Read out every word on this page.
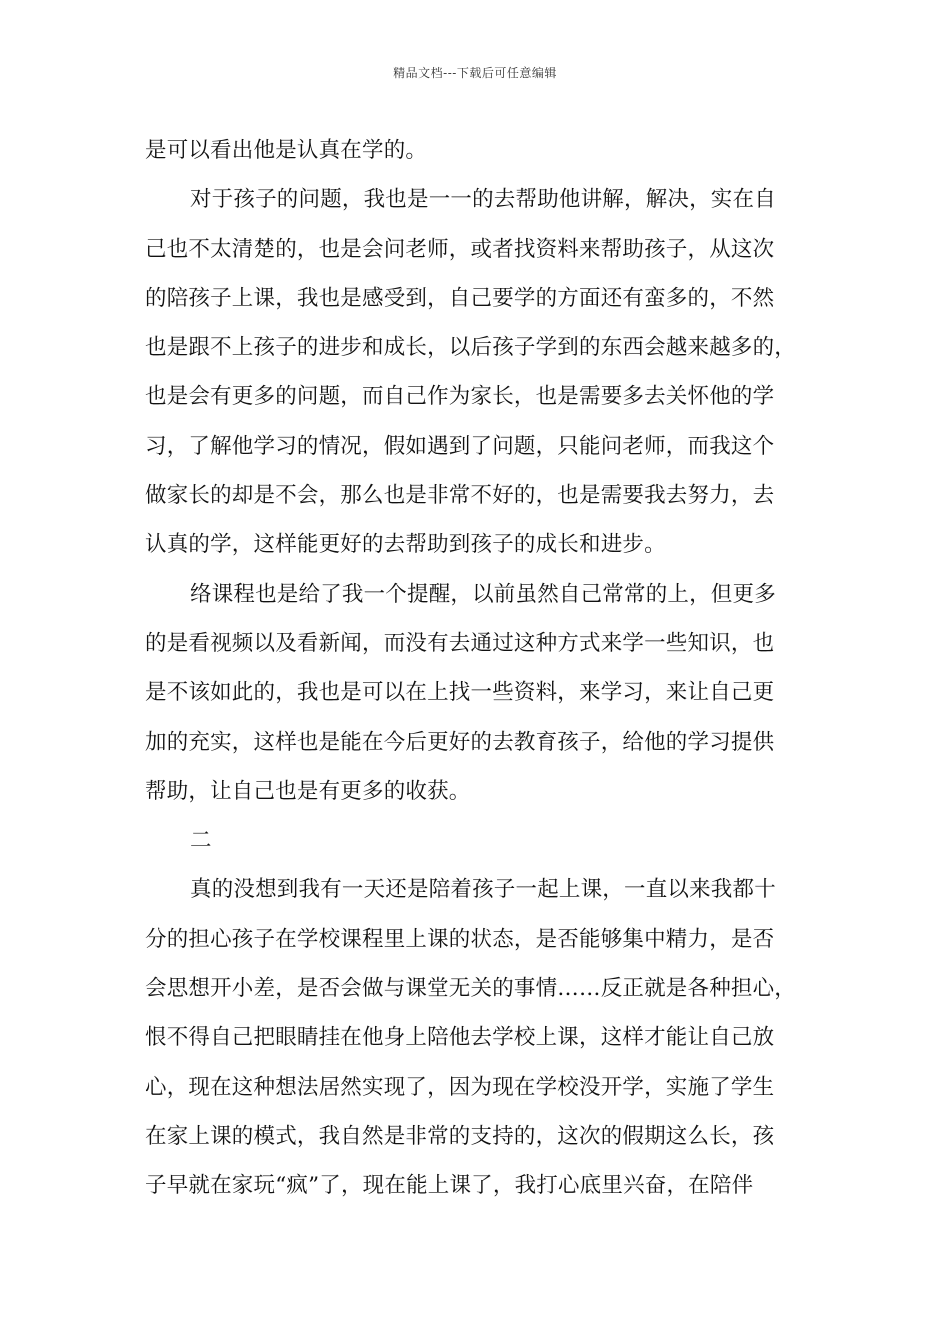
精品文档---下载后可任意编辑
是可以看出他是认真在学的。
对于孩子的问题，我也是一一的去帮助他讲解，解决，实在自
己也不太清楚的，也是会问老师，或者找资料来帮助孩子，从这次
的陪孩子上课，我也是感受到，自己要学的方面还有蛮多的，不然
也是跟不上孩子的进步和成长，以后孩子学到的东西会越来越多的，
也是会有更多的问题，而自己作为家长，也是需要多去关怀他的学
习，了解他学习的情况，假如遇到了问题，只能问老师，而我这个
做家长的却是不会，那么也是非常不好的，也是需要我去努力，去
认真的学，这样能更好的去帮助到孩子的成长和进步。
络课程也是给了我一个提醒，以前虽然自己常常的上，但更多
的是看视频以及看新闻，而没有去通过这种方式来学一些知识，也
是不该如此的，我也是可以在上找一些资料，来学习，来让自己更
加的充实，这样也是能在今后更好的去教育孩子，给他的学习提供
帮助，让自己也是有更多的收获。
二
真的没想到我有一天还是陪着孩子一起上课，一直以来我都十
分的担心孩子在学校课程里上课的状态，是否能够集中精力，是否
会思想开小差，是否会做与课堂无关的事情……反正就是各种担心，
恨不得自己把眼睛挂在他身上陪他去学校上课，这样才能让自己放
心，现在这种想法居然实现了，因为现在学校没开学，实施了学生
在家上课的模式，我自然是非常的支持的，这次的假期这么长，孩
子早就在家玩“疯”了，现在能上课了，我打心底里兴奋，在陪伴
